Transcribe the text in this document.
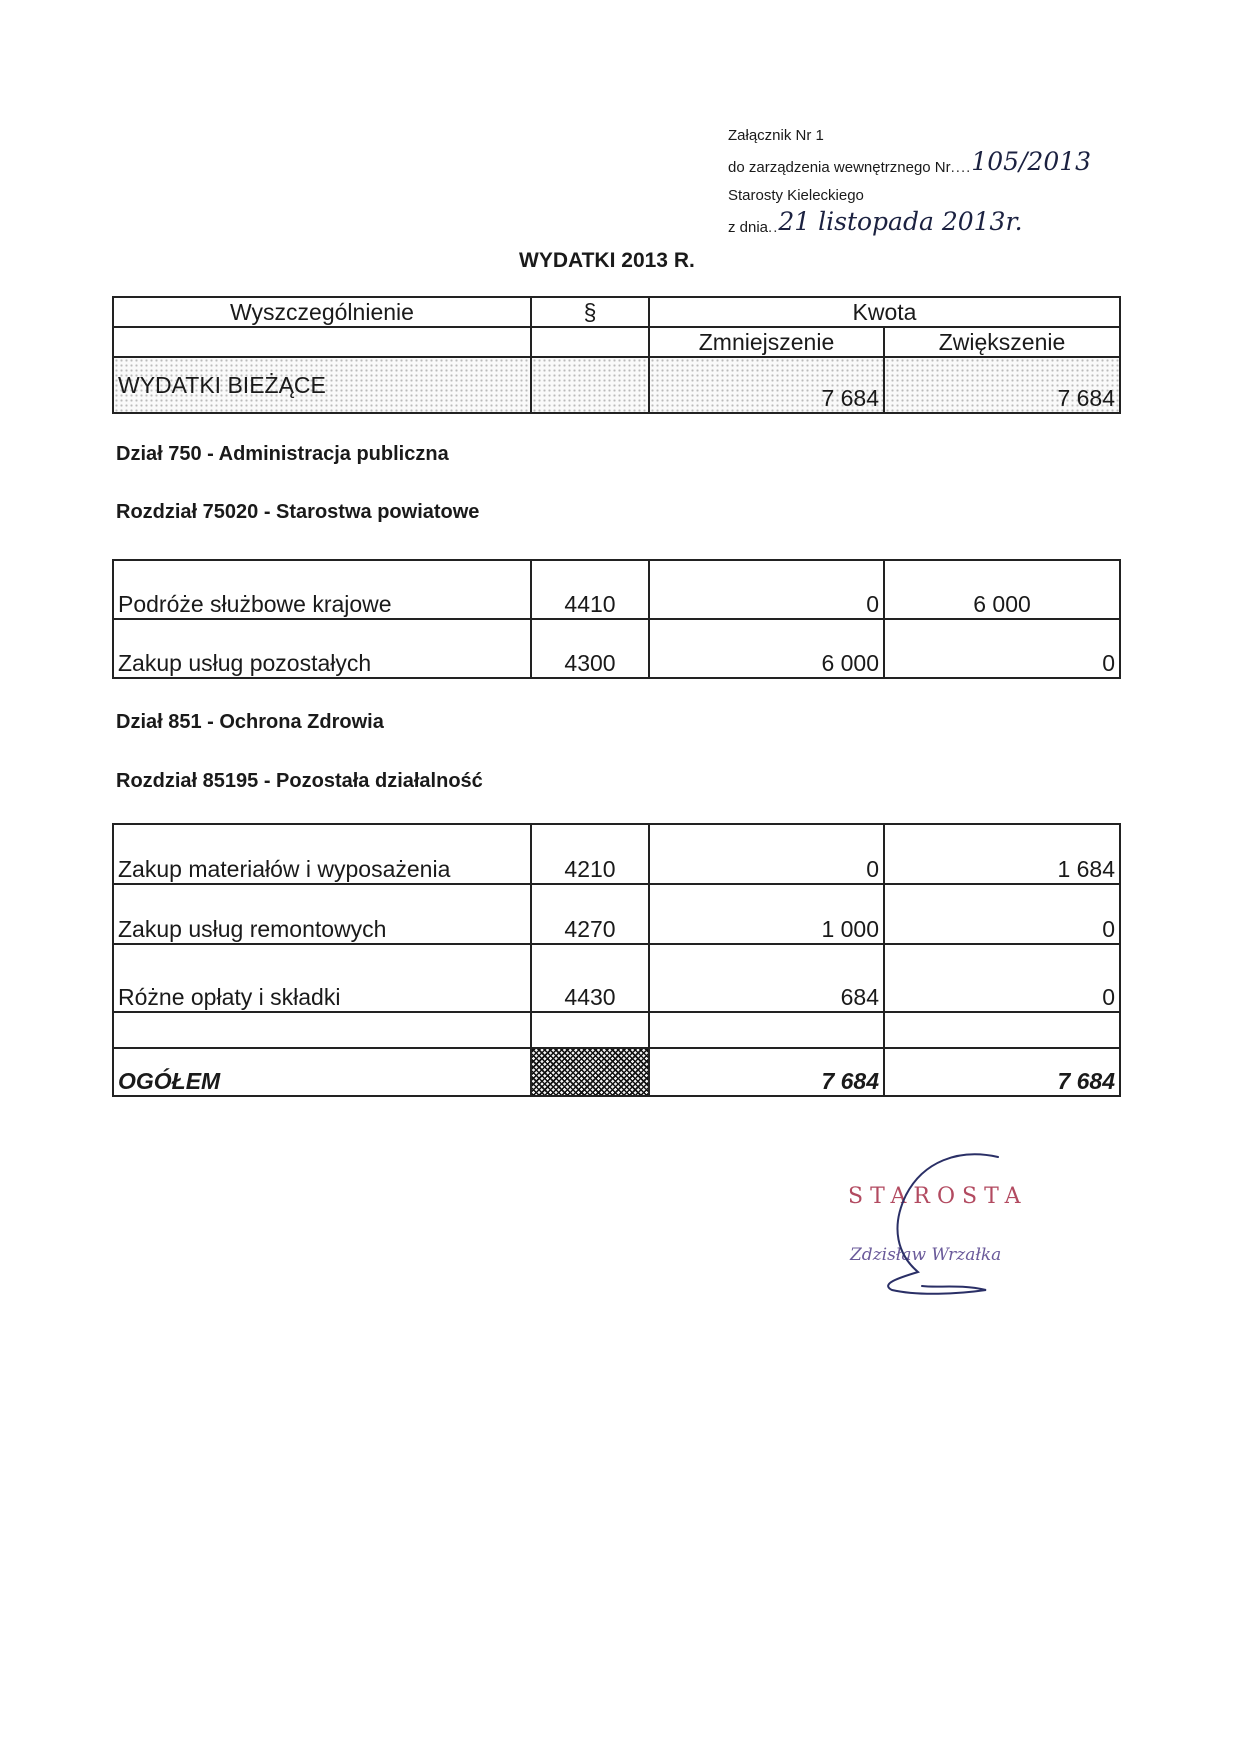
Załącznik Nr 1
do zarządzenia wewnętrznego Nr....105/2013
Starosty Kieleckiego
z dnia..21 listopada 2013r.
WYDATKI 2013 R.
Wyszczególnienie	§	Kwota	
		Zmniejszenie	Zwiększenie
WYDATKI BIEŻĄCE		7 684	7 684
Dział 750 - Administracja publiczna
Rozdział 75020 - Starostwa powiatowe
Podróże służbowe krajowe	4410	0	6 000
Zakup usług pozostałych	4300	6 000	0
Dział 851 - Ochrona Zdrowia
Rozdział 85195 - Pozostała działalność
Zakup materiałów i wyposażenia	4210	0	1 684
Zakup usług remontowych	4270	1 000	0
Różne opłaty i składki	4430	684	0

OGÓŁEM		7 684	7 684
STAROSTA
Zdzisław Wrzałka
